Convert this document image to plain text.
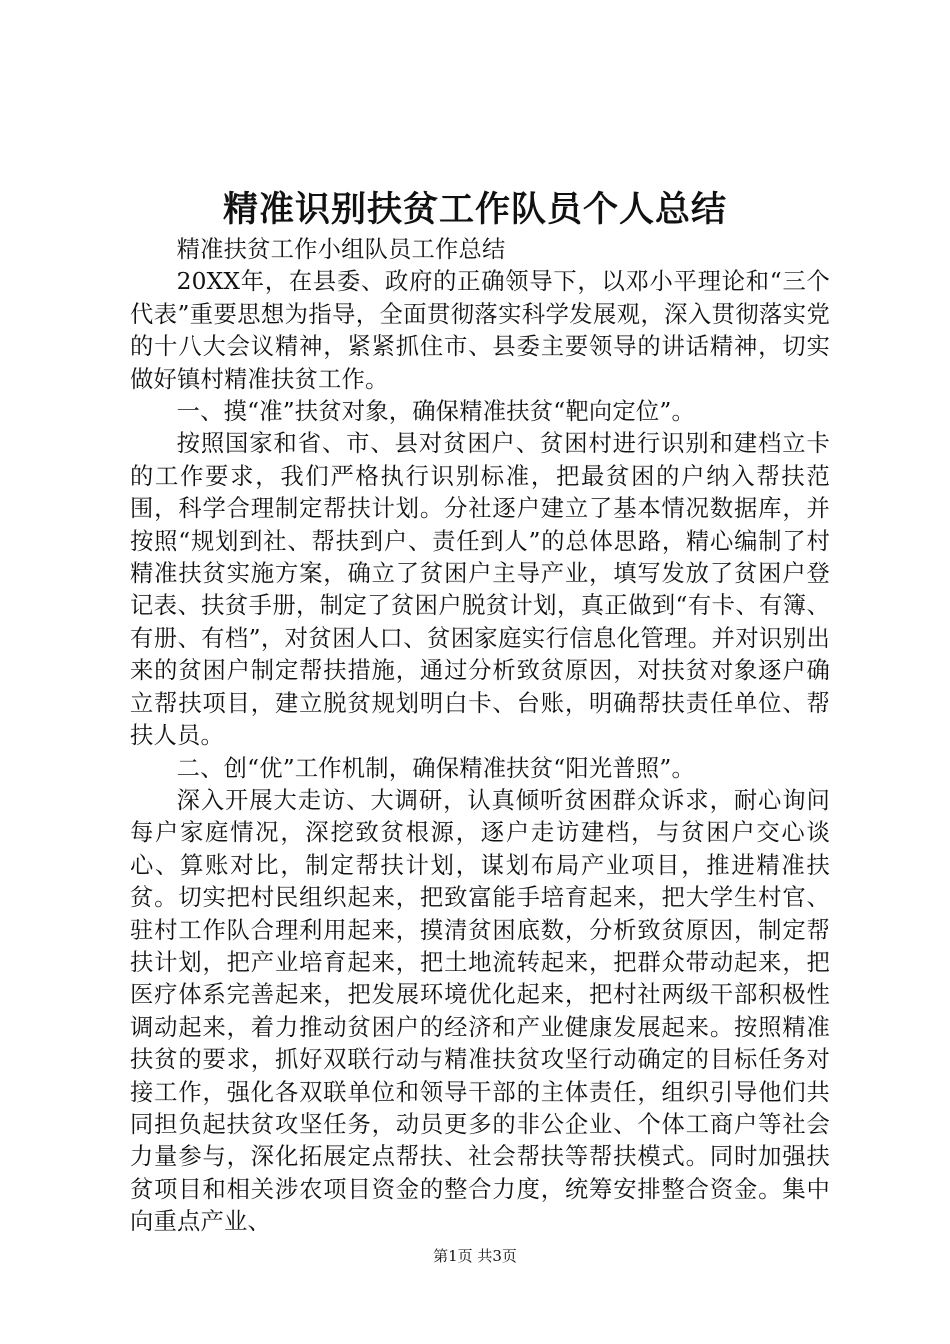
精准识别扶贫工作队员个人总结

精准扶贫工作小组队员工作总结

20XX年，在县委、政府的正确领导下，以邓小平理论和“三个代表”重要思想为指导，全面贯彻落实科学发展观，深入贯彻落实党的十八大会议精神，紧紧抓住市、县委主要领导的讲话精神，切实做好镇村精准扶贫工作。

一、摸“准”扶贫对象，确保精准扶贫“靶向定位”。

按照国家和省、市、县对贫困户、贫困村进行识别和建档立卡的工作要求，我们严格执行识别标准，把最贫困的户纳入帮扶范围，科学合理制定帮扶计划。分社逐户建立了基本情况数据库，并按照“规划到社、帮扶到户、责任到人”的总体思路，精心编制了村精准扶贫实施方案，确立了贫困户主导产业，填写发放了贫困户登记表、扶贫手册，制定了贫困户脱贫计划，真正做到“有卡、有簿、有册、有档”，对贫困人口、贫困家庭实行信息化管理。并对识别出来的贫困户制定帮扶措施，通过分析致贫原因，对扶贫对象逐户确立帮扶项目，建立脱贫规划明白卡、台账，明确帮扶责任单位、帮扶人员。

二、创“优”工作机制，确保精准扶贫“阳光普照”。

深入开展大走访、大调研，认真倾听贫困群众诉求，耐心询问每户家庭情况，深挖致贫根源，逐户走访建档，与贫困户交心谈心、算账对比，制定帮扶计划，谋划布局产业项目，推进精准扶贫。切实把村民组织起来，把致富能手培育起来，把大学生村官、驻村工作队合理利用起来，摸清贫困底数，分析致贫原因，制定帮扶计划，把产业培育起来，把土地流转起来，把群众带动起来，把医疗体系完善起来，把发展环境优化起来，把村社两级干部积极性调动起来，着力推动贫困户的经济和产业健康发展起来。按照精准扶贫的要求，抓好双联行动与精准扶贫攻坚行动确定的目标任务对接工作，强化各双联单位和领导干部的主体责任，组织引导他们共同担负起扶贫攻坚任务，动员更多的非公企业、个体工商户等社会力量参与，深化拓展定点帮扶、社会帮扶等帮扶模式。同时加强扶贫项目和相关涉农项目资金的整合力度，统筹安排整合资金。集中向重点产业、

第1页 共3页
